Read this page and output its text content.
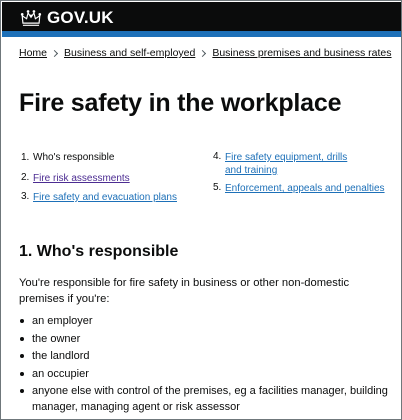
GOV.UK
Home Business and self-employed Business premises and business rates
Fire safety in the workplace
1. Who's responsible
2. Fire risk assessments
3. Fire safety and evacuation plans
4. Fire safety equipment, drills and training
5. Enforcement, appeals and penalties
1. Who's responsible

You're responsible for fire safety in business or other non-domestic premises if you're:

an employer
the owner
the landlord
an occupier
anyone else with control of the premises, eg a facilities manager, building manager, managing agent or risk assessor
